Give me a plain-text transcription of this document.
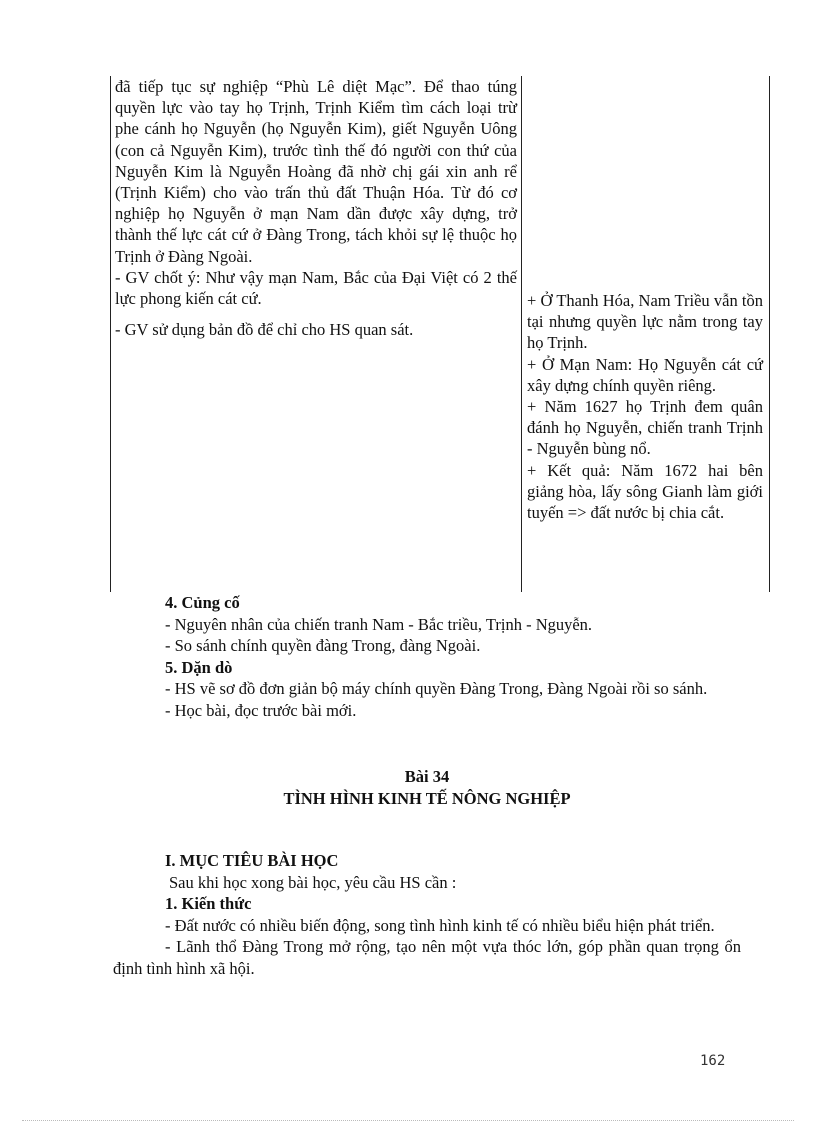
đã tiếp tục sự nghiệp “Phù Lê diệt Mạc”. Để thao túng quyền lực vào tay họ Trịnh, Trịnh Kiểm tìm cách loại trừ phe cánh họ Nguyễn (họ Nguyễn Kim), giết Nguyễn Uông (con cả Nguyễn Kim), trước tình thế đó người con thứ của Nguyễn Kim là Nguyễn Hoàng đã nhờ chị gái xin anh rể (Trịnh Kiểm) cho vào trấn thủ đất Thuận Hóa. Từ đó cơ nghiệp họ Nguyễn ở mạn Nam dần được xây dựng, trở thành thế lực cát cứ ở Đàng Trong, tách khỏi sự lệ thuộc họ Trịnh ở Đàng Ngoài.

- GV chốt ý: Như vậy mạn Nam, Bắc của Đại Việt có 2 thế lực phong kiến cát cứ.

- GV sử dụng bản đồ để chỉ cho HS quan sát.

+ Ở Thanh Hóa, Nam Triều vẫn tồn tại nhưng quyền lực nằm trong tay họ Trịnh.

+ Ở Mạn Nam: Họ Nguyễn cát cứ xây dựng chính quyền riêng.

+ Năm 1627 họ Trịnh đem quân đánh họ Nguyễn, chiến tranh Trịnh - Nguyễn bùng nổ.

+ Kết quả: Năm 1672 hai bên giảng hòa, lấy sông Gianh làm giới tuyến => đất nước bị chia cắt.

4. Củng cố

- Nguyên nhân của chiến tranh Nam - Bắc triều, Trịnh - Nguyễn.

- So sánh chính quyền đàng Trong, đàng Ngoài.

5. Dặn dò

- HS vẽ sơ đồ đơn giản bộ máy chính quyền Đàng Trong, Đàng Ngoài rồi so sánh.

- Học bài, đọc trước bài mới.

Bài 34

TÌNH HÌNH KINH TẾ NÔNG NGHIỆP

I. MỤC TIÊU BÀI HỌC

Sau khi học xong bài học, yêu cầu HS cần :

1. Kiến thức

- Đất nước có nhiều biến động, song tình hình kinh tế có nhiều biểu hiện phát triển.

- Lãnh thổ Đàng Trong mở rộng, tạo nên một vựa thóc lớn, góp phần quan trọng ổn định tình hình xã hội.

162
